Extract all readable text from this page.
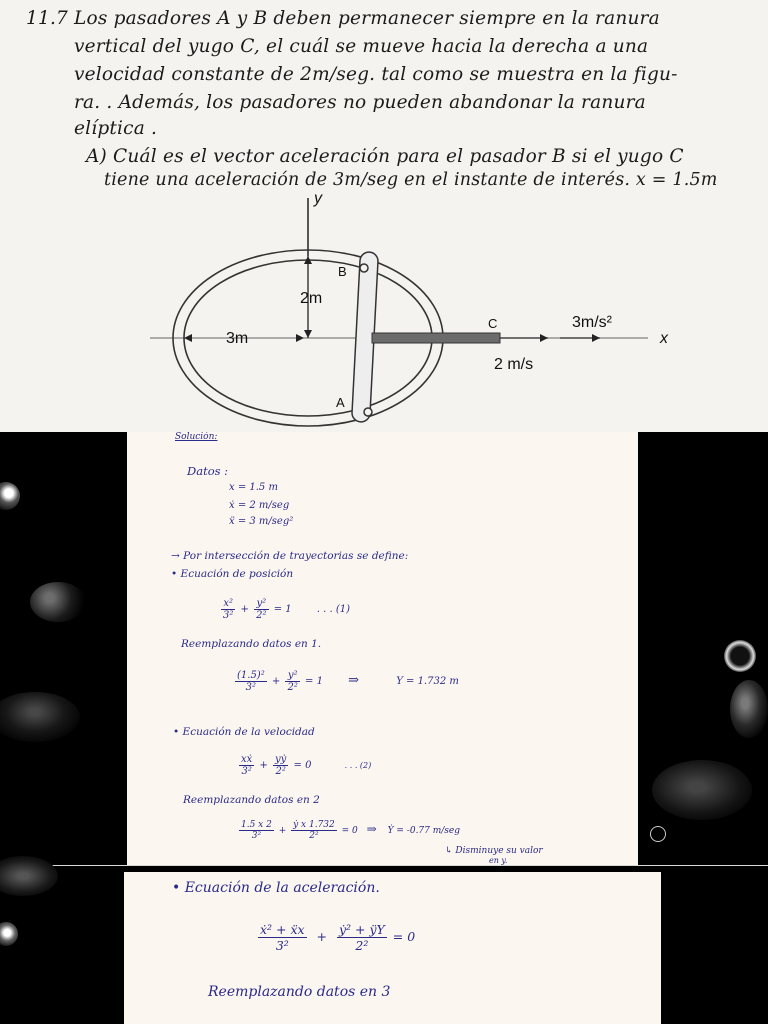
11.7 Los pasadores A y B deben permanecer siempre en la ranura
vertical del yugo C, el cuál se mueve hacia la derecha a una
velocidad constante de 2m/seg. tal como se muestra en la figu-
ra. . Además, los pasadores no pueden abandonar la ranura
elíptica .
A) Cuál es el vector aceleración para el pasador B si el yugo C
tiene una aceleración de 3m/seg en el instante de interés. x = 1.5m
y
x
B
A
C
2m
3m
3m/s²
2 m/s
Solución:
Datos :
x = 1.5 m
ẋ = 2 m/seg
ẍ = 3 m/seg²
→ Por intersección de trayectorias se define:
• Ecuación de posición
$\frac{\text{x²}}{\text{3²}} + \frac{\text{y²}}{\text{2²}} = 1$	. . . (1)
Reemplazando datos en 1.
$\frac{\text{(1.5)²}}{\text{3²}} + \frac{\text{y²}}{\text{2²}} = 1$ ⇒	Y = 1.732 m
• Ecuación de la velocidad
$\frac{\text{xẋ}}{\text{3²}} + \frac{\text{yẏ}}{\text{2²}} = 0$	. . . (2)
Reemplazando datos en 2
$\frac{1.5 x 2}{\text{3²}} + \frac{\text{ẏ x 1.732}}{\text{2²}} = 0$ ⇒ Ẏ = -0.77 m/seg
↳ Disminuye su valor
en y.
• Ecuación de la aceleración.
$\frac{\text{ẋ² + ẍx}}{\text{3²}} + \frac{\text{ẏ² + ÿY}}{\text{2²}} = 0$
Reemplazando datos en 3
